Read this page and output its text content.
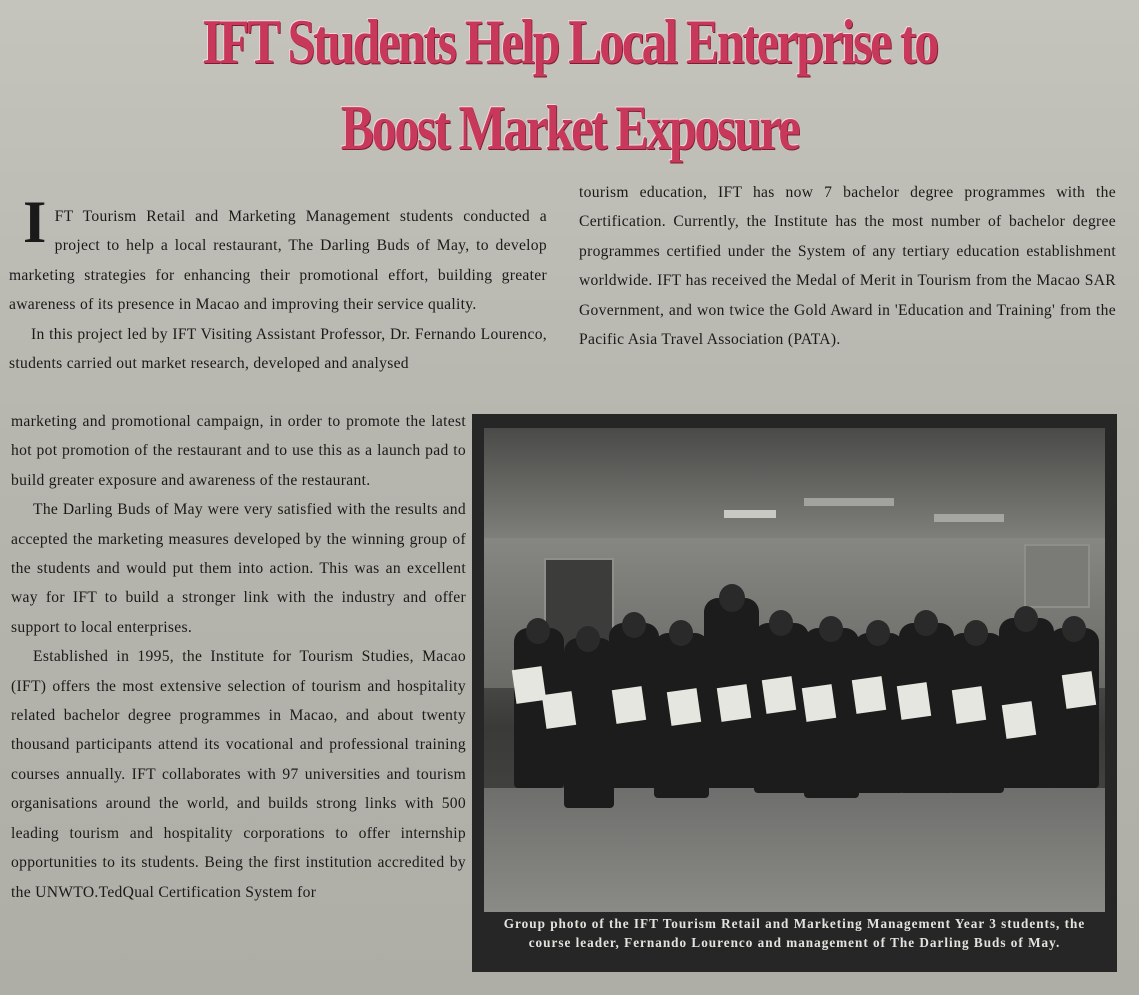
IFT Students Help Local Enterprise to
Boost Market Exposure

I FT Tourism Retail and Marketing Management students conducted a project to help a local restaurant, The Darling Buds of May, to develop marketing strategies for enhancing their promotional effort, building greater awareness of its presence in Macao and improving their service quality.

In this project led by IFT Visiting Assistant Professor, Dr. Fernando Lourenco, students carried out market research, developed and analysed

marketing and promotional campaign, in order to promote the latest hot pot promotion of the restaurant and to use this as a launch pad to build greater exposure and awareness of the restaurant.

The Darling Buds of May were very satisfied with the results and accepted the marketing measures developed by the winning group of the students and would put them into action. This was an excellent way for IFT to build a stronger link with the industry and offer support to local enterprises.

Established in 1995, the Institute for Tourism Studies, Macao (IFT) offers the most extensive selection of tourism and hospitality related bachelor degree programmes in Macao, and about twenty thousand participants attend its vocational and professional training courses annually. IFT collaborates with 97 universities and tourism organisations around the world, and builds strong links with 500 leading tourism and hospitality corporations to offer internship opportunities to its students. Being the first institution accredited by the UNWTO.TedQual Certification System for

tourism education, IFT has now 7 bachelor degree programmes with the Certification. Currently, the Institute has the most number of bachelor degree programmes certified under the System of any tertiary education establishment worldwide. IFT has received the Medal of Merit in Tourism from the Macao SAR Government, and won twice the Gold Award in 'Education and Training' from the Pacific Asia Travel Association (PATA).

Group photo of the IFT Tourism Retail and Marketing Management Year 3 students, the course leader, Fernando Lourenco and management of The Darling Buds of May.
